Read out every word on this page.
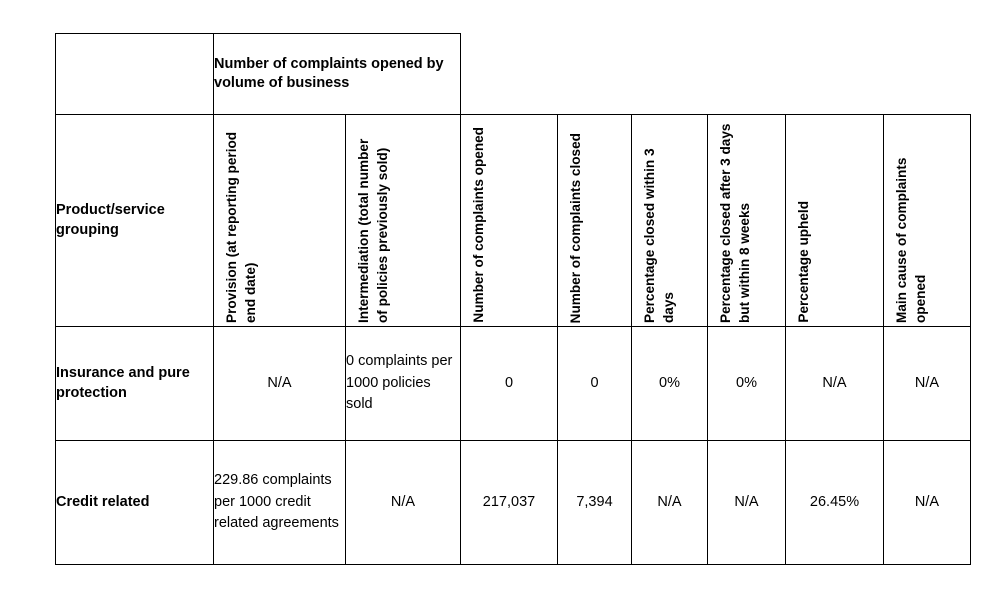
	Number of complaints opened by volume of business							
Product/service grouping	Provision (at reporting period end date)	Intermediation (total number of policies previously sold)	Number of complaints opened	Number of complaints closed	Percentage closed within 3 days	Percentage closed after 3 days but within 8 weeks	Percentage upheld	Main cause of complaints opened

Insurance and pure protection	N/A	0 complaints per 1000 policies sold	0	0	0%	0%	N/A	N/A
Credit related	229.86 complaints per 1000 credit related agreements	N/A	217,037	7,394	N/A	N/A	26.45%	N/A
